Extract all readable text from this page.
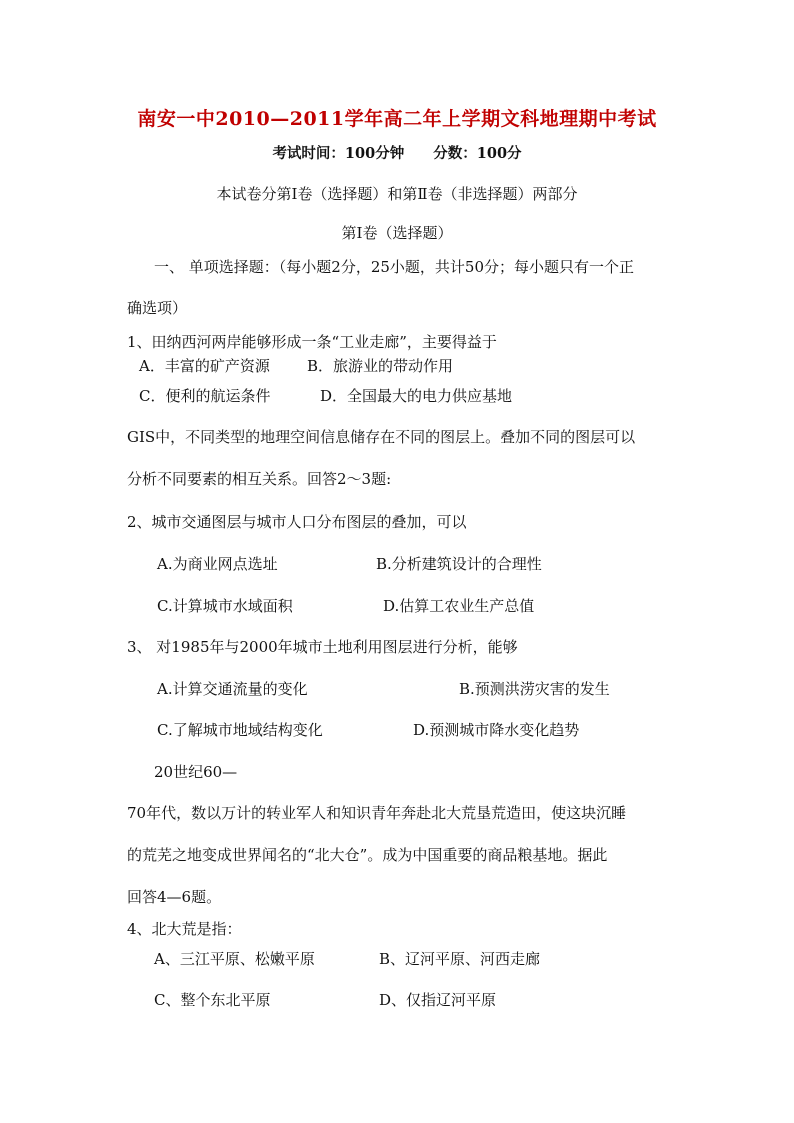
南安一中2010—2011学年高二年上学期文科地理期中考试
考试时间：100分钟 分数：100分
本试卷分第Ⅰ卷（选择题）和第Ⅱ卷（非选择题）两部分
第Ⅰ卷（选择题）
一、 单项选择题：（每小题2分，25小题，共计50分；每小题只有一个正
确选项）
1、田纳西河两岸能够形成一条“工业走廊”，主要得益于
A．丰富的矿产资源 B．旅游业的带动作用
C．便利的航运条件	D．全国最大的电力供应基地
GIS中，不同类型的地理空间信息储存在不同的图层上。叠加不同的图层可以
分析不同要素的相互关系。回答2～3题:
2、城市交通图层与城市人口分布图层的叠加，可以
A.为商业网点选址	B.分析建筑设计的合理性
C.计算城市水域面积	D.估算工农业生产总值
3、 对1985年与2000年城市土地利用图层进行分析，能够
A.计算交通流量的变化	B.预测洪涝灾害的发生
C.了解城市地域结构变化	D.预测城市降水变化趋势
20世纪60—
70年代，数以万计的转业军人和知识青年奔赴北大荒垦荒造田，使这块沉睡
的荒芜之地变成世界闻名的“北大仓”。成为中国重要的商品粮基地。据此
回答4—6题。
4、北大荒是指：
A、三江平原、松嫩平原	B、辽河平原、河西走廊
C、整个东北平原	D、仅指辽河平原
